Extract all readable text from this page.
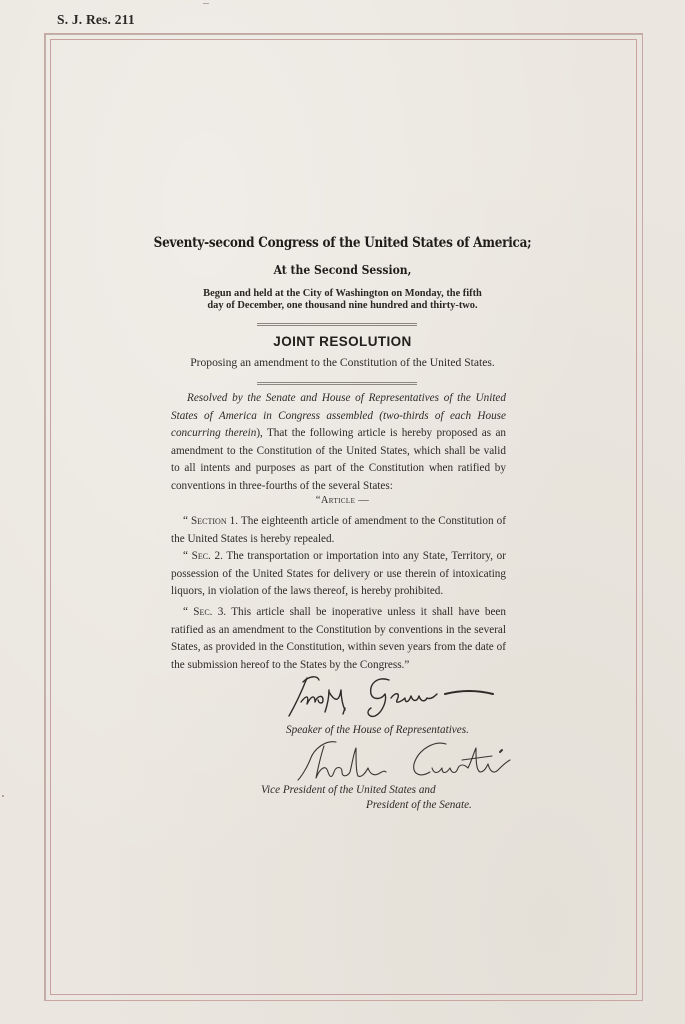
S. J. Res. 211
Seventy-second Congress of the United States of America;
At the Second Session,
Begun and held at the City of Washington on Monday, the fifth
day of December, one thousand nine hundred and thirty-two.
JOINT RESOLUTION
Proposing an amendment to the Constitution of the United States.
Resolved by the Senate and House of Representatives of the United States of America in Congress assembled (two-thirds of each House concurring therein), That the following article is hereby proposed as an amendment to the Constitution of the United States, which shall be valid to all intents and purposes as part of the Constitution when ratified by conventions in three-fourths of the several States:
“Article —
“ Section 1. The eighteenth article of amendment to the Constitution of the United States is hereby repealed.
“ Sec. 2. The transportation or importation into any State, Territory, or possession of the United States for delivery or use therein of intoxicating liquors, in violation of the laws thereof, is hereby prohibited.
“ Sec. 3. This article shall be inoperative unless it shall have been ratified as an amendment to the Constitution by conventions in the several States, as provided in the Constitution, within seven years from the date of the submission hereof to the States by the Congress.”
Speaker of the House of Representatives.
Vice President of the United States and
President of the Senate.
